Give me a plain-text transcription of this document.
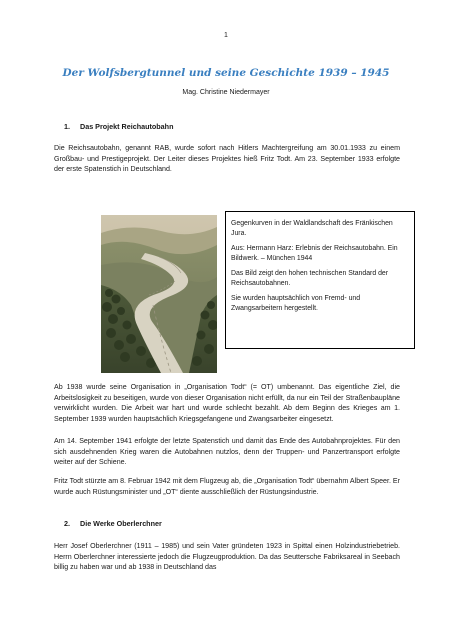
1
Der Wolfsbergtunnel und seine Geschichte 1939 – 1945
Mag. Christine Niedermayer
1. Das Projekt Reichautobahn

Die Reichsautobahn, genannt RAB, wurde sofort nach Hitlers Machtergreifung am 30.01.1933 zu einem Großbau- und Prestigeprojekt. Der Leiter dieses Projektes hieß Fritz Todt. Am 23. September 1933 erfolgte der erste Spatenstich in Deutschland.

Gegenkurven in der Waldlandschaft des Fränkischen Jura.

Aus: Hermann Harz: Erlebnis der Reichsautobahn. Ein Bildwerk. – München 1944

Das Bild zeigt den hohen technischen Standard der Reichsautobahnen.

Sie wurden hauptsächlich von Fremd- und Zwangsarbeitern hergestellt.

Ab 1938 wurde seine Organisation in „Organisation Todt“ (= OT) umbenannt. Das eigentliche Ziel, die Arbeitslosigkeit zu beseitigen, wurde von dieser Organisation nicht erfüllt, da nur ein Teil der Straßenbaupläne verwirklicht wurden. Die Arbeit war hart und wurde schlecht bezahlt. Ab dem Beginn des Krieges am 1. September 1939 wurden hauptsächlich Kriegsgefangene und Zwangsarbeiter eingesetzt.

Am 14. September 1941 erfolgte der letzte Spatenstich und damit das Ende des Autobahnprojektes. Für den sich ausdehnenden Krieg waren die Autobahnen nutzlos, denn der Truppen- und Panzertransport erfolgte weiter auf der Schiene.

Fritz Todt stürzte am 8. Februar 1942 mit dem Flugzeug ab, die „Organisation Todt“ übernahm Albert Speer. Er wurde auch Rüstungsminister und „OT“ diente ausschließlich der Rüstungsindustrie.

2. Die Werke Oberlerchner

Herr Josef Oberlerchner (1911 – 1985) und sein Vater gründeten 1923 in Spittal einen Holzindustriebetrieb. Herrn Oberlerchner interessierte jedoch die Flugzeugproduktion. Da das Seuttersche Fabriksareal in Seebach billig zu haben war und ab 1938 in Deutschland das
